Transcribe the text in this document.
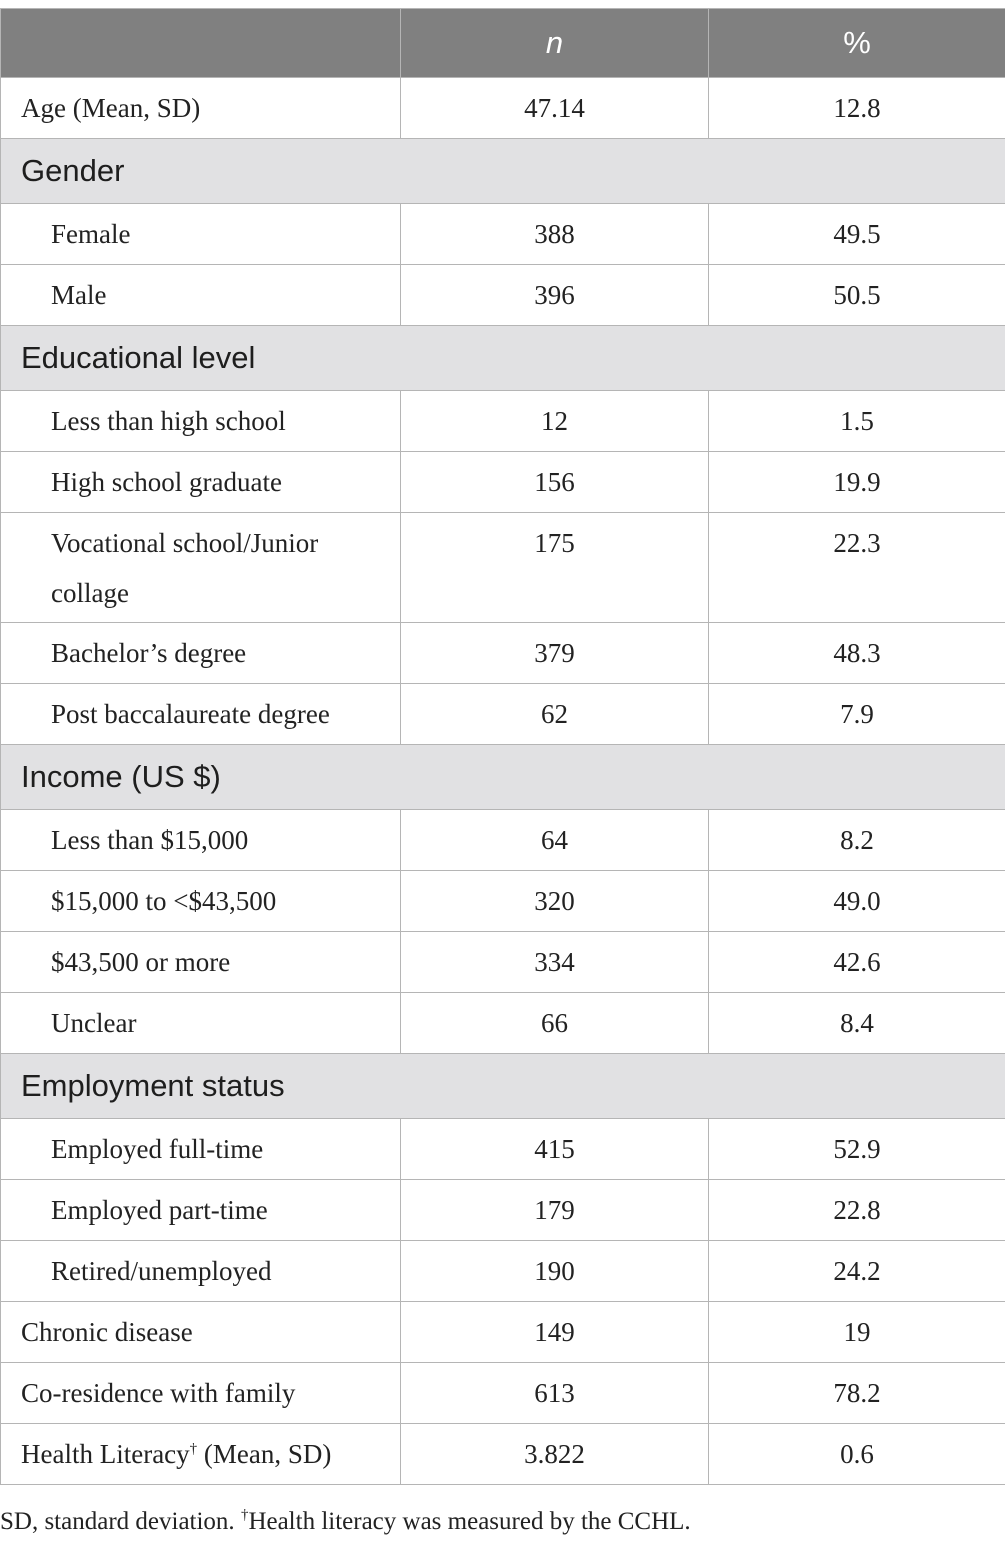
	n	%
Age (Mean, SD)	47.14	12.8
Gender		
Female	388	49.5
Male	396	50.5
Educational level		
Less than high school	12	1.5
High school graduate	156	19.9
Vocational school/Junior collage	175	22.3
Bachelor’s degree	379	48.3
Post baccalaureate degree	62	7.9
Income (US $)		
Less than $15,000	64	8.2
$15,000 to <$43,500	320	49.0
$43,500 or more	334	42.6
Unclear	66	8.4
Employment status		
Employed full-time	415	52.9
Employed part-time	179	22.8
Retired/unemployed	190	24.2
Chronic disease	149	19
Co-residence with family	613	78.2
Health Literacy† (Mean, SD)	3.822	0.6
SD, standard deviation. †Health literacy was measured by the CCHL.
